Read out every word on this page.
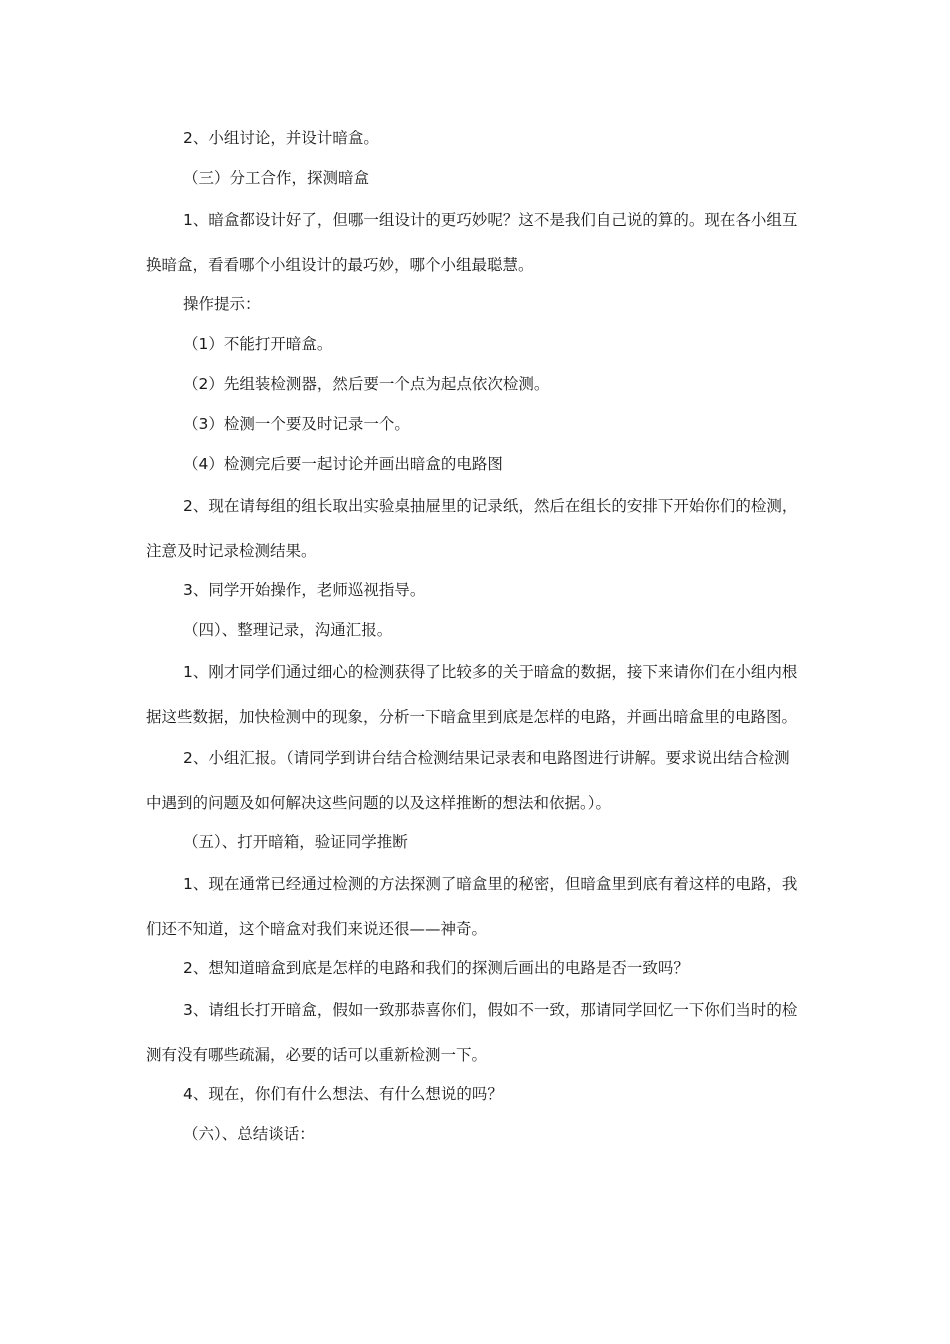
2、小组讨论，并设计暗盒。

（三）分工合作，探测暗盒

1、暗盒都设计好了，但哪一组设计的更巧妙呢？这不是我们自己说的算的。现在各小组互换暗盒，看看哪个小组设计的最巧妙，哪个小组最聪慧。

操作提示：

（1）不能打开暗盒。

（2）先组装检测器，然后要一个点为起点依次检测。

（3）检测一个要及时记录一个。

（4）检测完后要一起讨论并画出暗盒的电路图

2、现在请每组的组长取出实验桌抽屉里的记录纸，然后在组长的安排下开始你们的检测，注意及时记录检测结果。

3、同学开始操作，老师巡视指导。

（四）、整理记录，沟通汇报。

1、刚才同学们通过细心的检测获得了比较多的关于暗盒的数据，接下来请你们在小组内根据这些数据，加快检测中的现象，分析一下暗盒里到底是怎样的电路，并画出暗盒里的电路图。

2、小组汇报。（请同学到讲台结合检测结果记录表和电路图进行讲解。要求说出结合检测中遇到的问题及如何解决这些问题的以及这样推断的想法和依据。）。

（五）、打开暗箱，验证同学推断

1、现在通常已经通过检测的方法探测了暗盒里的秘密，但暗盒里到底有着这样的电路，我们还不知道，这个暗盒对我们来说还很——神奇。

2、想知道暗盒到底是怎样的电路和我们的探测后画出的电路是否一致吗？

3、请组长打开暗盒，假如一致那恭喜你们，假如不一致，那请同学回忆一下你们当时的检测有没有哪些疏漏，必要的话可以重新检测一下。

4、现在，你们有什么想法、有什么想说的吗？

（六）、总结谈话：
